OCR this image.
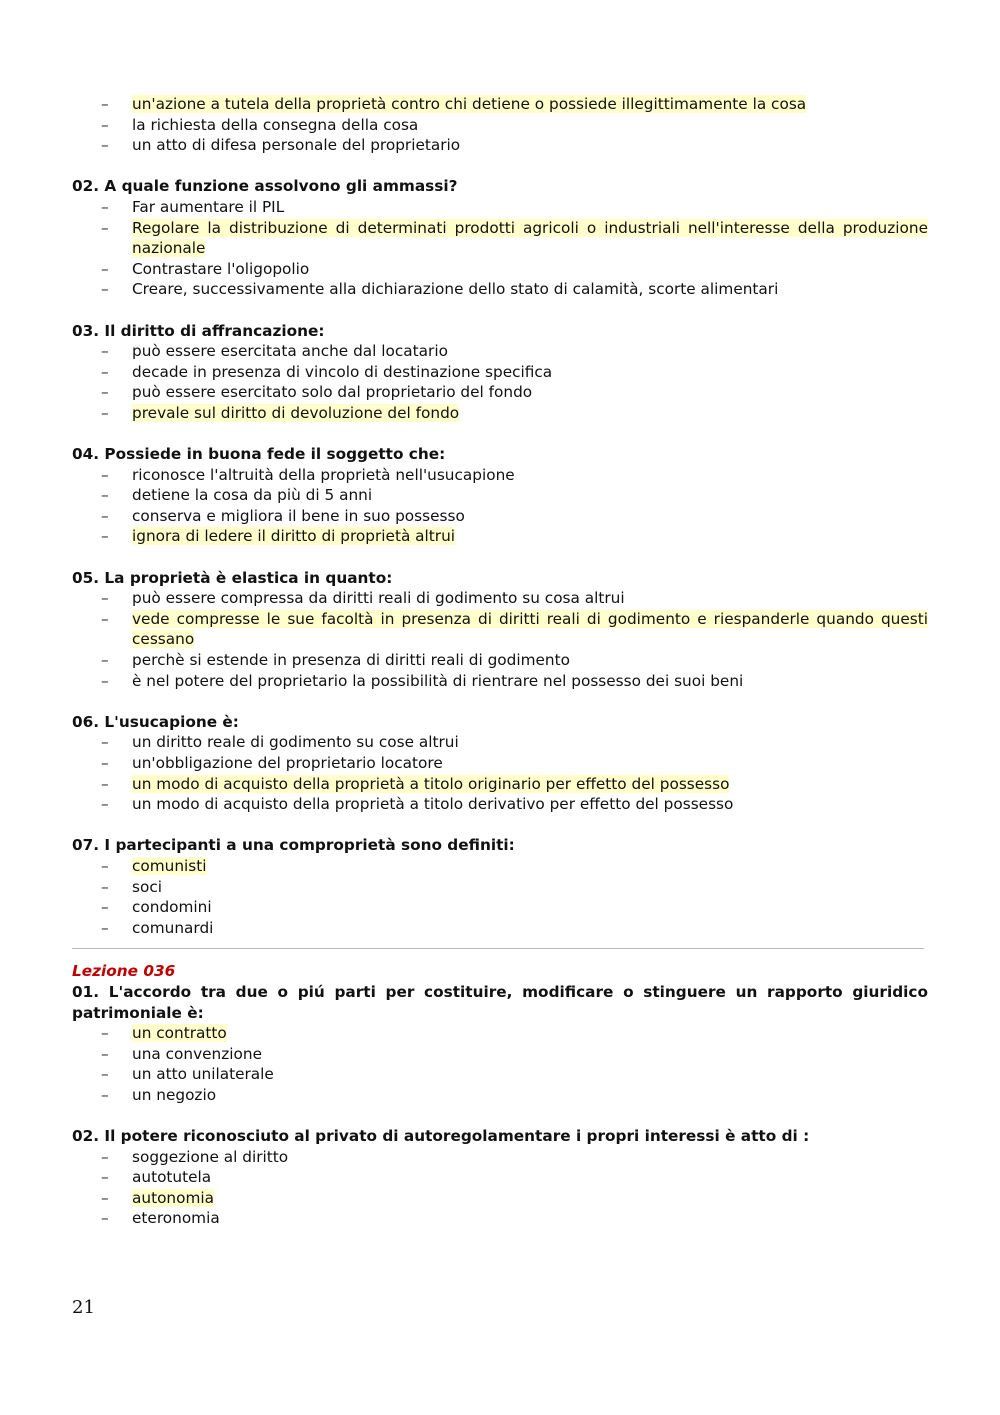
– un'azione a tutela della proprietà contro chi detiene o possiede illegittimamente la cosa
– la richiesta della consegna della cosa
– un atto di difesa personale del proprietario

02. A quale funzione assolvono gli ammassi?

– Far aumentare il PIL
– Regolare la distribuzione di determinati prodotti agricoli o industriali nell'interesse della produzione nazionale
– Contrastare l'oligopolio
– Creare, successivamente alla dichiarazione dello stato di calamità, scorte alimentari

03. Il diritto di affrancazione:

– può essere esercitata anche dal locatario
– decade in presenza di vincolo di destinazione specifica
– può essere esercitato solo dal proprietario del fondo
– prevale sul diritto di devoluzione del fondo

04. Possiede in buona fede il soggetto che:

– riconosce l'altruità della proprietà nell'usucapione
– detiene la cosa da più di 5 anni
– conserva e migliora il bene in suo possesso
– ignora di ledere il diritto di proprietà altrui

05. La proprietà è elastica in quanto:

– può essere compressa da diritti reali di godimento su cosa altrui
– vede compresse le sue facoltà in presenza di diritti reali di godimento e riespanderle quando questi cessano
– perchè si estende in presenza di diritti reali di godimento
– è nel potere del proprietario la possibilità di rientrare nel possesso dei suoi beni

06. L'usucapione è:

– un diritto reale di godimento su cose altrui
– un'obbligazione del proprietario locatore
– un modo di acquisto della proprietà a titolo originario per effetto del possesso
– un modo di acquisto della proprietà a titolo derivativo per effetto del possesso

07. I partecipanti a una comproprietà sono definiti:

– comunisti
– soci
– condomini
– comunardi

Lezione 036

01. L'accordo tra due o piú parti per costituire, modificare o stinguere un rapporto giuridico patrimoniale è:

– un contratto
– una convenzione
– un atto unilaterale
– un negozio

02. Il potere riconosciuto al privato di autoregolamentare i propri interessi è atto di :

– soggezione al diritto
– autotutela
– autonomia
– eteronomia
21
